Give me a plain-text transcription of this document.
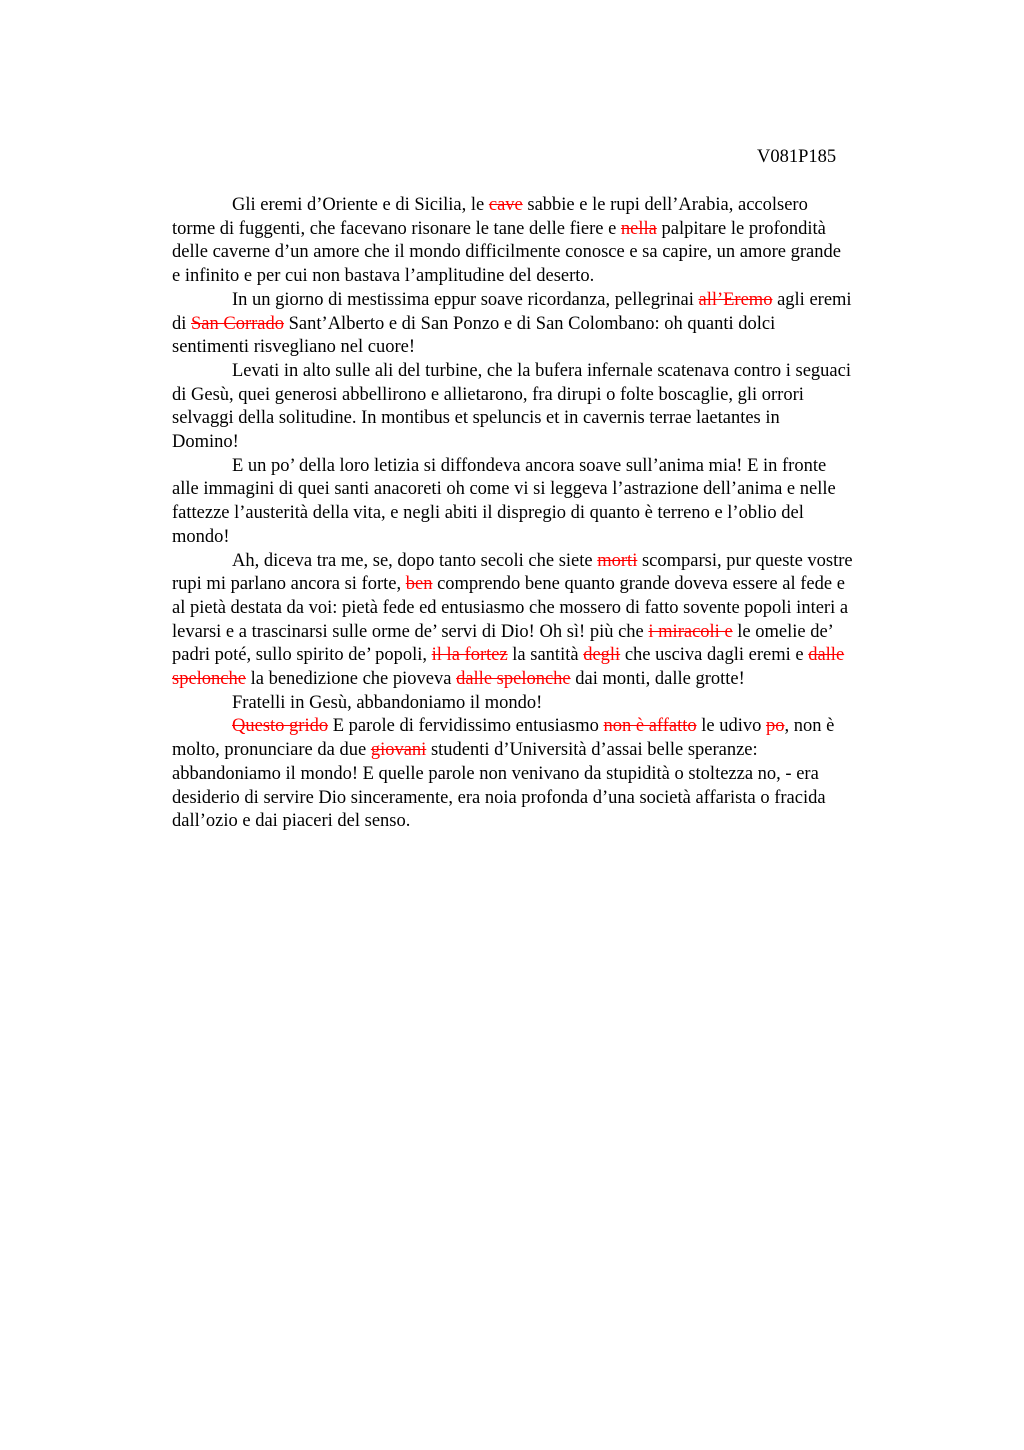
V081P185

Gli eremi d’Oriente e di Sicilia, le cave sabbie e le rupi dell’Arabia, accolsero
torme di fuggenti, che facevano risonare le tane delle fiere e nella palpitare le profondità
delle caverne d’un amore che il mondo difficilmente conosce e sa capire, un amore grande
e infinito e per cui non bastava l’amplitudine del deserto.

In un giorno di mestissima eppur soave ricordanza, pellegrinai all’Eremo agli eremi
di San Corrado Sant’Alberto e di San Ponzo e di San Colombano: oh quanti dolci
sentimenti risvegliano nel cuore!

Levati in alto sulle ali del turbine, che la bufera infernale scatenava contro i seguaci
di Gesù, quei generosi abbellirono e allietarono, fra dirupi o folte boscaglie, gli orrori
selvaggi della solitudine. In montibus et speluncis et in cavernis terrae laetantes in
Domino!

E un po’ della loro letizia si diffondeva ancora soave sull’anima mia! E in fronte
alle immagini di quei santi anacoreti oh come vi si leggeva l’astrazione dell’anima e nelle
fattezze l’austerità della vita, e negli abiti il dispregio di quanto è terreno e l’oblio del
mondo!

Ah, diceva tra me, se, dopo tanto secoli che siete morti scomparsi, pur queste vostre
rupi mi parlano ancora si forte, ben comprendo bene quanto grande doveva essere al fede e
al pietà destata da voi: pietà fede ed entusiasmo che mossero di fatto sovente popoli interi a
levarsi e a trascinarsi sulle orme de’ servi di Dio! Oh sì! più che i miracoli e le omelie de’
padri poté, sullo spirito de’ popoli, il la fortez la santità degli che usciva dagli eremi e dalle
spelonche la benedizione che pioveva dalle spelonche dai monti, dalle grotte!

Fratelli in Gesù, abbandoniamo il mondo!

Questo grido E parole di fervidissimo entusiasmo non è affatto le udivo po, non è
molto, pronunciare da due giovani studenti d’Università d’assai belle speranze:
abbandoniamo il mondo! E quelle parole non venivano da stupidità o stoltezza no, - era
desiderio di servire Dio sinceramente, era noia profonda d’una società affarista o fracida
dall’ozio e dai piaceri del senso.
